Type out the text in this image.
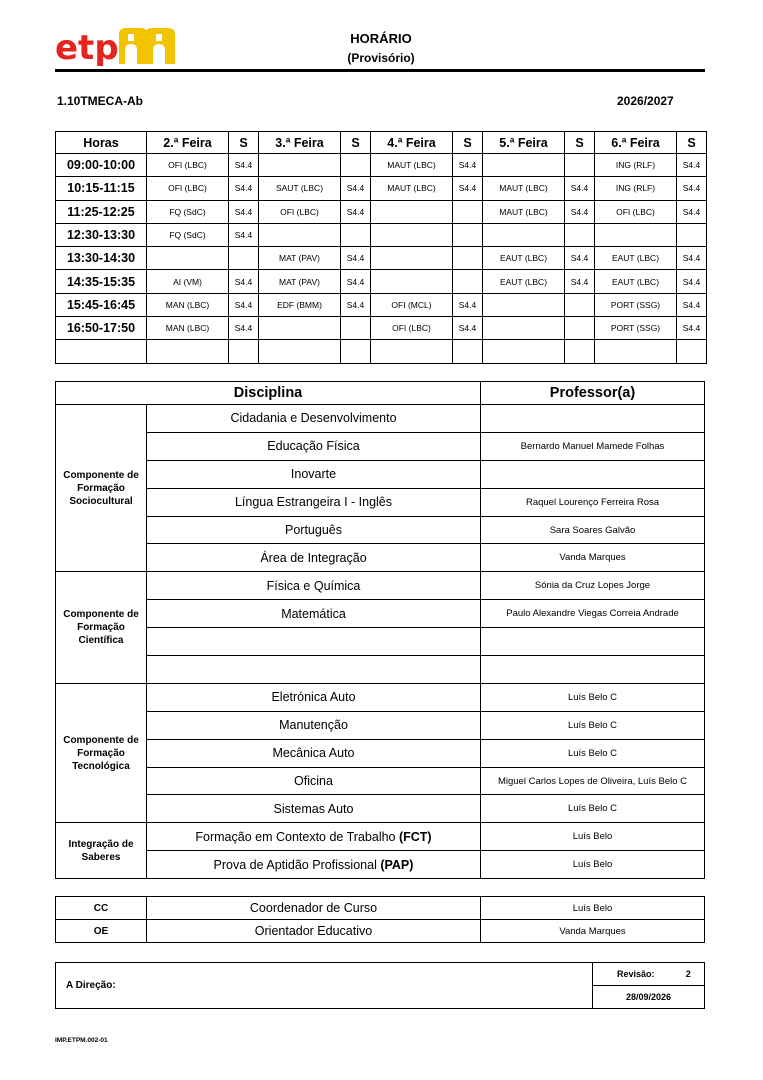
etp	HORÁRIO
(Provisório)
1.10TMECA-Ab	2026/2027
Horas	2.ª Feira	S	3.ª Feira	S	4.ª Feira	S	5.ª Feira	S	6.ª Feira	S
09:00-10:00	OFI (LBC)	S4.4			MAUT (LBC)	S4.4			ING (RLF)	S4.4
10:15-11:15	OFI (LBC)	S4.4	SAUT (LBC)	S4.4	MAUT (LBC)	S4.4	MAUT (LBC)	S4.4	ING (RLF)	S4.4
11:25-12:25	FQ (SdC)	S4.4	OFI (LBC)	S4.4			MAUT (LBC)	S4.4	OFI (LBC)	S4.4
12:30-13:30	FQ (SdC)	S4.4								
13:30-14:30			MAT (PAV)	S4.4			EAUT (LBC)	S4.4	EAUT (LBC)	S4.4
14:35-15:35	AI (VM)	S4.4	MAT (PAV)	S4.4			EAUT (LBC)	S4.4	EAUT (LBC)	S4.4
15:45-16:45	MAN (LBC)	S4.4	EDF (BMM)	S4.4	OFI (MCL)	S4.4			PORT (SSG)	S4.4
16:50-17:50	MAN (LBC)	S4.4			OFI (LBC)	S4.4			PORT (SSG)	S4.4

Disciplina		Professor(a)
Componente de Formação Sociocultural	Cidadania e Desenvolvimento	
	Educação Física	Bernardo Manuel Mamede Folhas
	Inovarte	
	Língua Estrangeira I - Inglês	Raquel Lourenço Ferreira Rosa
	Português	Sara Soares Galvão
	Área de Integração	Vanda Marques
Componente de Formação Científica	Física e Química	Sónia da Cruz Lopes Jorge
	Matemática	Paulo Alexandre Viegas Correia Andrade

Componente de Formação Tecnológica	Eletrónica Auto	Luís Belo C
	Manutenção	Luís Belo C
	Mecânica Auto	Luís Belo C
	Oficina	Miguel Carlos Lopes de Oliveira, Luís Belo C
	Sistemas Auto	Luís Belo C
Integração de Saberes	Formação em Contexto de Trabalho (FCT)	Luís Belo
	Prova de Aptidão Profissional (PAP)	Luís Belo
CC	Coordenador de Curso	Luís Belo
OE	Orientador Educativo	Vanda Marques
A Direção:	Revisão:	2
28/09/2026
IMP.ETPM.002-01
